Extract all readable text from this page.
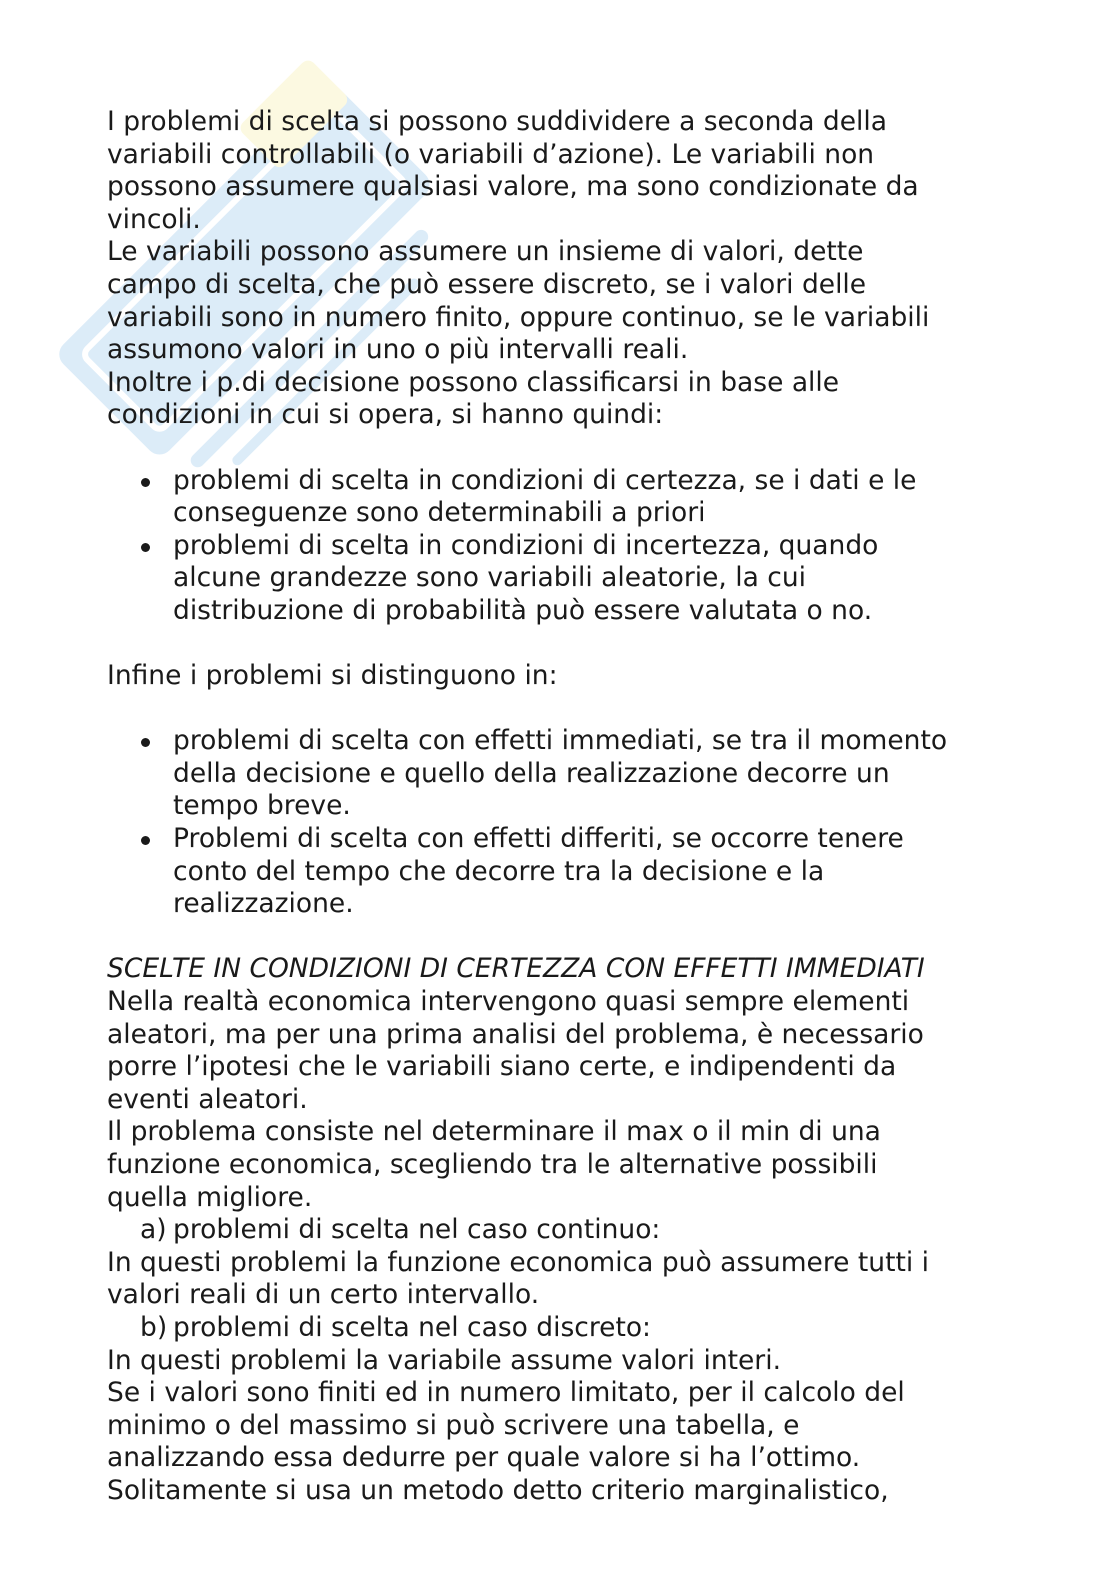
I problemi di scelta si possono suddividere a seconda della

variabili controllabili (o variabili d’azione). Le variabili non

possono assumere qualsiasi valore, ma sono condizionate da

vincoli.

Le variabili possono assumere un insieme di valori, dette

campo di scelta, che può essere discreto, se i valori delle

variabili sono in numero finito, oppure continuo, se le variabili

assumono valori in uno o più intervalli reali.

Inoltre i p.di decisione possono classificarsi in base alle

condizioni in cui si opera, si hanno quindi:

problemi di scelta in condizioni di certezza, se i dati e le

conseguenze sono determinabili a priori

problemi di scelta in condizioni di incertezza, quando

alcune grandezze sono variabili aleatorie, la cui

distribuzione di probabilità può essere valutata o no.

Infine i problemi si distinguono in:

problemi di scelta con effetti immediati, se tra il momento

della decisione e quello della realizzazione decorre un

tempo breve.

Problemi di scelta con effetti differiti, se occorre tenere

conto del tempo che decorre tra la decisione e la

realizzazione.

SCELTE IN CONDIZIONI DI CERTEZZA CON EFFETTI IMMEDIATI

Nella realtà economica intervengono quasi sempre elementi

aleatori, ma per una prima analisi del problema, è necessario

porre l’ipotesi che le variabili siano certe, e indipendenti da

eventi aleatori.

Il problema consiste nel determinare il max o il min di una

funzione economica, scegliendo tra le alternative possibili

quella migliore.

a) problemi di scelta nel caso continuo:

In questi problemi la funzione economica può assumere tutti i

valori reali di un certo intervallo.

b) problemi di scelta nel caso discreto:

In questi problemi la variabile assume valori interi.

Se i valori sono finiti ed in numero limitato, per il calcolo del

minimo o del massimo si può scrivere una tabella, e

analizzando essa dedurre per quale valore si ha l’ottimo.

Solitamente si usa un metodo detto criterio marginalistico,
